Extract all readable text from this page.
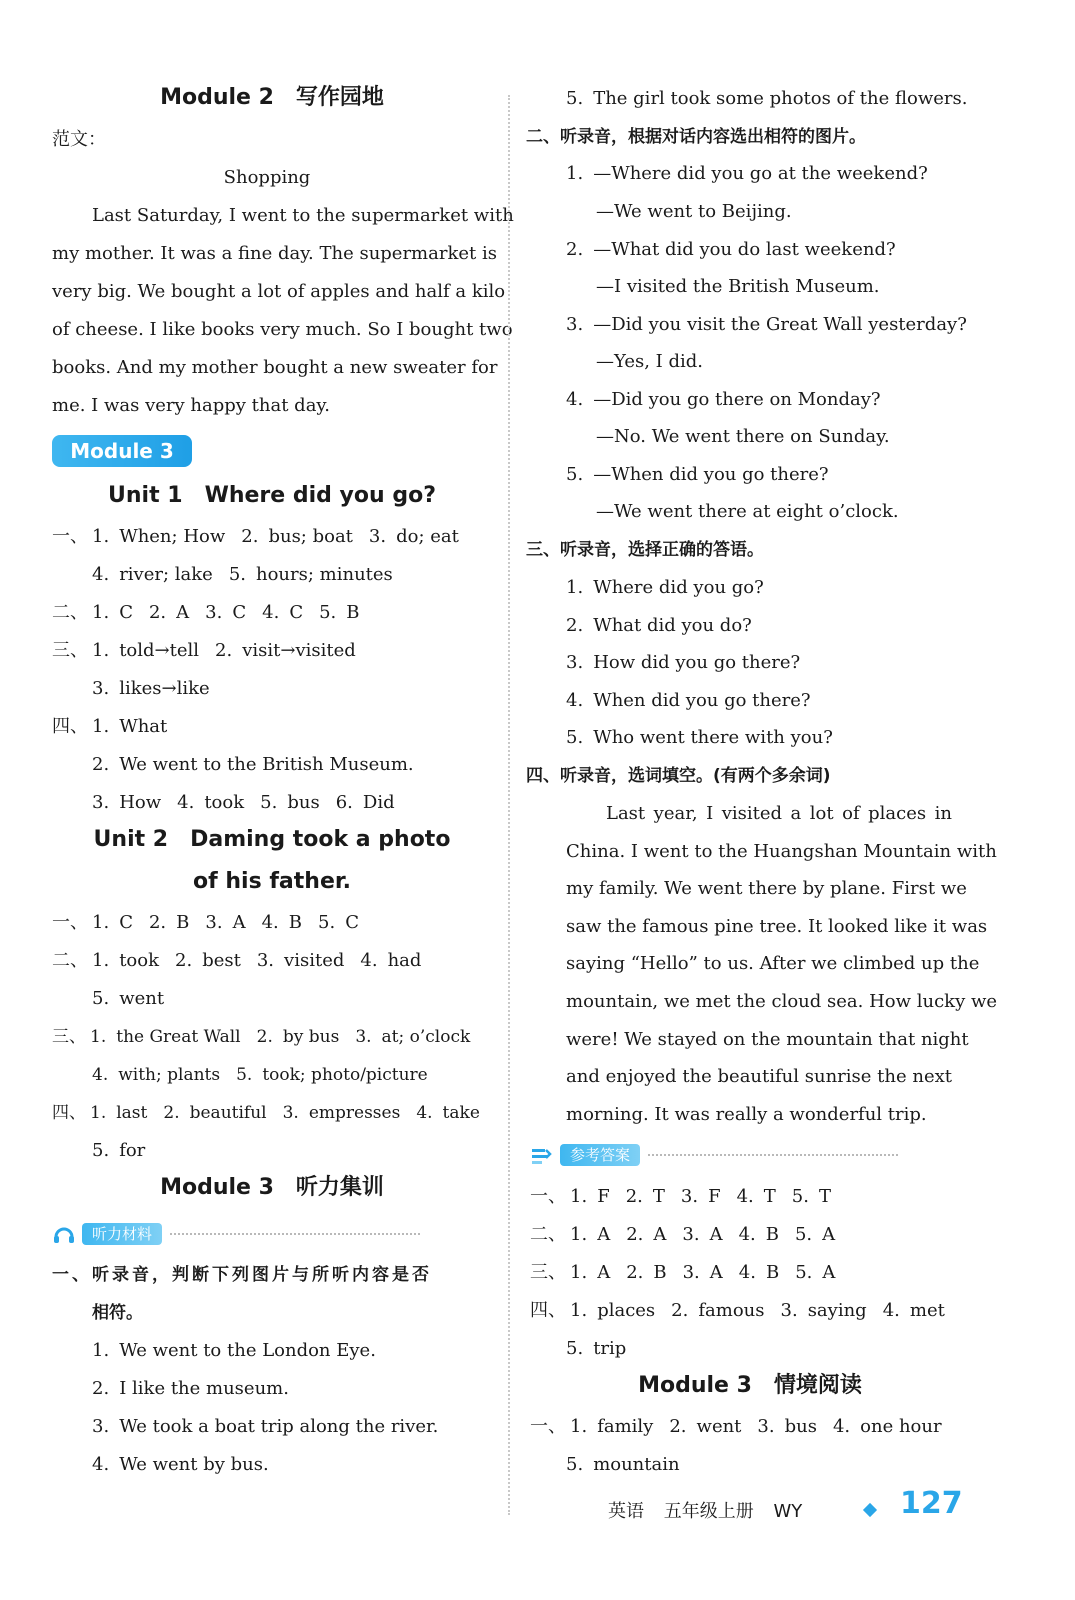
Module 2　写作园地
范文：
Shopping
Last Saturday, I went to the supermarket with
my mother. It was a fine day. The supermarket is
very big. We bought a lot of apples and half a kilo
of cheese. I like books very much. So I bought two
books. And my mother bought a new sweater for
me. I was very happy that day.
Module 3
Unit 1　Where did you go?
一、 1. When; How 2. bus; boat 3. do; eat
4. river; lake 5. hours; minutes
二、 1. C 2. A 3. C 4. C 5. B
三、 1. told→tell 2. visit→visited
3. likes→like
四、 1. What
2. We went to the British Museum.
3. How 4. took 5. bus 6. Did
Unit 2　Daming took a photo
of his father.
一、 1. C 2. B 3. A 4. B 5. C
二、 1. took 2. best 3. visited 4. had
5. went
三、 1. the Great Wall 2. by bus 3. at; o’clock
4. with; plants 5. took; photo/picture
四、 1. last 2. beautiful 3. empresses 4. take
5. for
Module 3　听力集训
听力材料
一、听录音，判断下列图片与所听内容是否
相符。
1. We went to the London Eye.
2. I like the museum.
3. We took a boat trip along the river.
4. We went by bus.
5. The girl took some photos of the flowers.
二、听录音，根据对话内容选出相符的图片。
1. —Where did you go at the weekend?
—We went to Beijing.
2. —What did you do last weekend?
—I visited the British Museum.
3. —Did you visit the Great Wall yesterday?
—Yes, I did.
4. —Did you go there on Monday?
—No. We went there on Sunday.
5. —When did you go there?
—We went there at eight o’clock.
三、听录音，选择正确的答语。
1. Where did you go?
2. What did you do?
3. How did you go there?
4. When did you go there?
5. Who went there with you?
四、听录音，选词填空。(有两个多余词)
Last year, I visited a lot of places in
China. I went to the Huangshan Mountain with
my family. We went there by plane. First we
saw the famous pine tree. It looked like it was
saying “Hello” to us. After we climbed up the
mountain, we met the cloud sea. How lucky we
were! We stayed on the mountain that night
and enjoyed the beautiful sunrise the next
morning. It was really a wonderful trip.
参考答案
一、 1. F 2. T 3. F 4. T 5. T
二、 1. A 2. A 3. A 4. B 5. A
三、 1. A 2. B 3. A 4. B 5. A
四、 1. places 2. famous 3. saying 4. met
5. trip
Module 3　情境阅读
一、 1. family 2. went 3. bus 4. one hour
5. mountain
英语 五年级上册 WY	127
